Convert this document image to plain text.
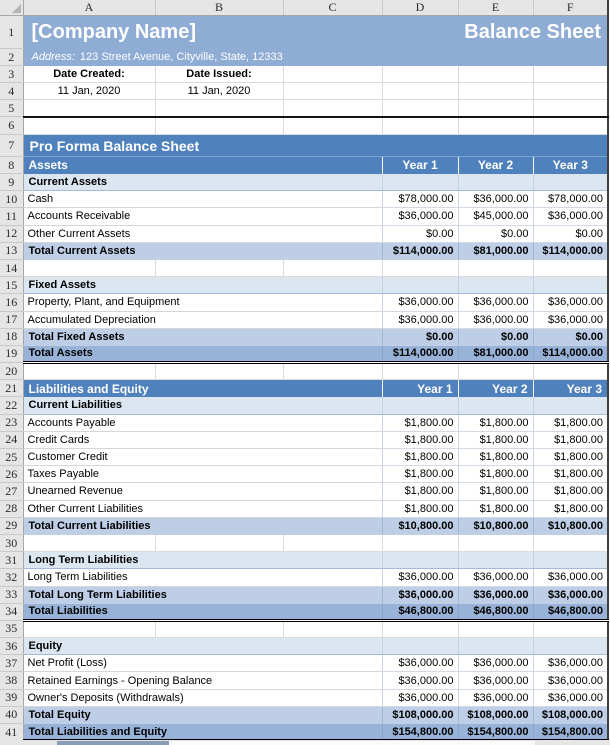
	A	B	C	D	E	F
1	[Company Name] Balance Sheet					

2	Address: 123 Street Avenue, Cityville, State, 12333					
3	Date Created:	Date Issued:				
4	11 Jan, 2020	11 Jan, 2020				
5						
6						
7	Pro Forma Balance Sheet					
8	Assets			Year 1	Year 2	Year 3
9	Current Assets					
10	Cash			$78,000.00	$36,000.00	$78,000.00
11	Accounts Receivable			$36,000.00	$45,000.00	$36,000.00
12	Other Current Assets			$0.00	$0.00	$0.00
13	Total Current Assets			$114,000.00	$81,000.00	$114,000.00
14						
15	Fixed Assets					
16	Property, Plant, and Equipment			$36,000.00	$36,000.00	$36,000.00
17	Accumulated Depreciation			$36,000.00	$36,000.00	$36,000.00
18	Total Fixed Assets			$0.00	$0.00	$0.00
19	Total Assets			$114,000.00	$81,000.00	$114,000.00
20						
21	Liabilities and Equity			Year 1	Year 2	Year 3
22	Current Liabilities					
23	Accounts Payable			$1,800.00	$1,800.00	$1,800.00
24	Credit Cards			$1,800.00	$1,800.00	$1,800.00
25	Customer Credit			$1,800.00	$1,800.00	$1,800.00
26	Taxes Payable			$1,800.00	$1,800.00	$1,800.00
27	Unearned Revenue			$1,800.00	$1,800.00	$1,800.00
28	Other Current Liabilities			$1,800.00	$1,800.00	$1,800.00
29	Total Current Liabilities			$10,800.00	$10,800.00	$10,800.00
30						
31	Long Term Liabilities					
32	Long Term Liabilities			$36,000.00	$36,000.00	$36,000.00
33	Total Long Term Liabilities			$36,000.00	$36,000.00	$36,000.00
34	Total Liabilities			$46,800.00	$46,800.00	$46,800.00
35						
36	Equity					
37	Net Profit (Loss)			$36,000.00	$36,000.00	$36,000.00
38	Retained Earnings - Opening Balance			$36,000.00	$36,000.00	$36,000.00
39	Owner's Deposits (Withdrawals)			$36,000.00	$36,000.00	$36,000.00
40	Total Equity			$108,000.00	$108,000.00	$108,000.00
41	Total Liabilities and Equity			$154,800.00	$154,800.00	$154,800.00
